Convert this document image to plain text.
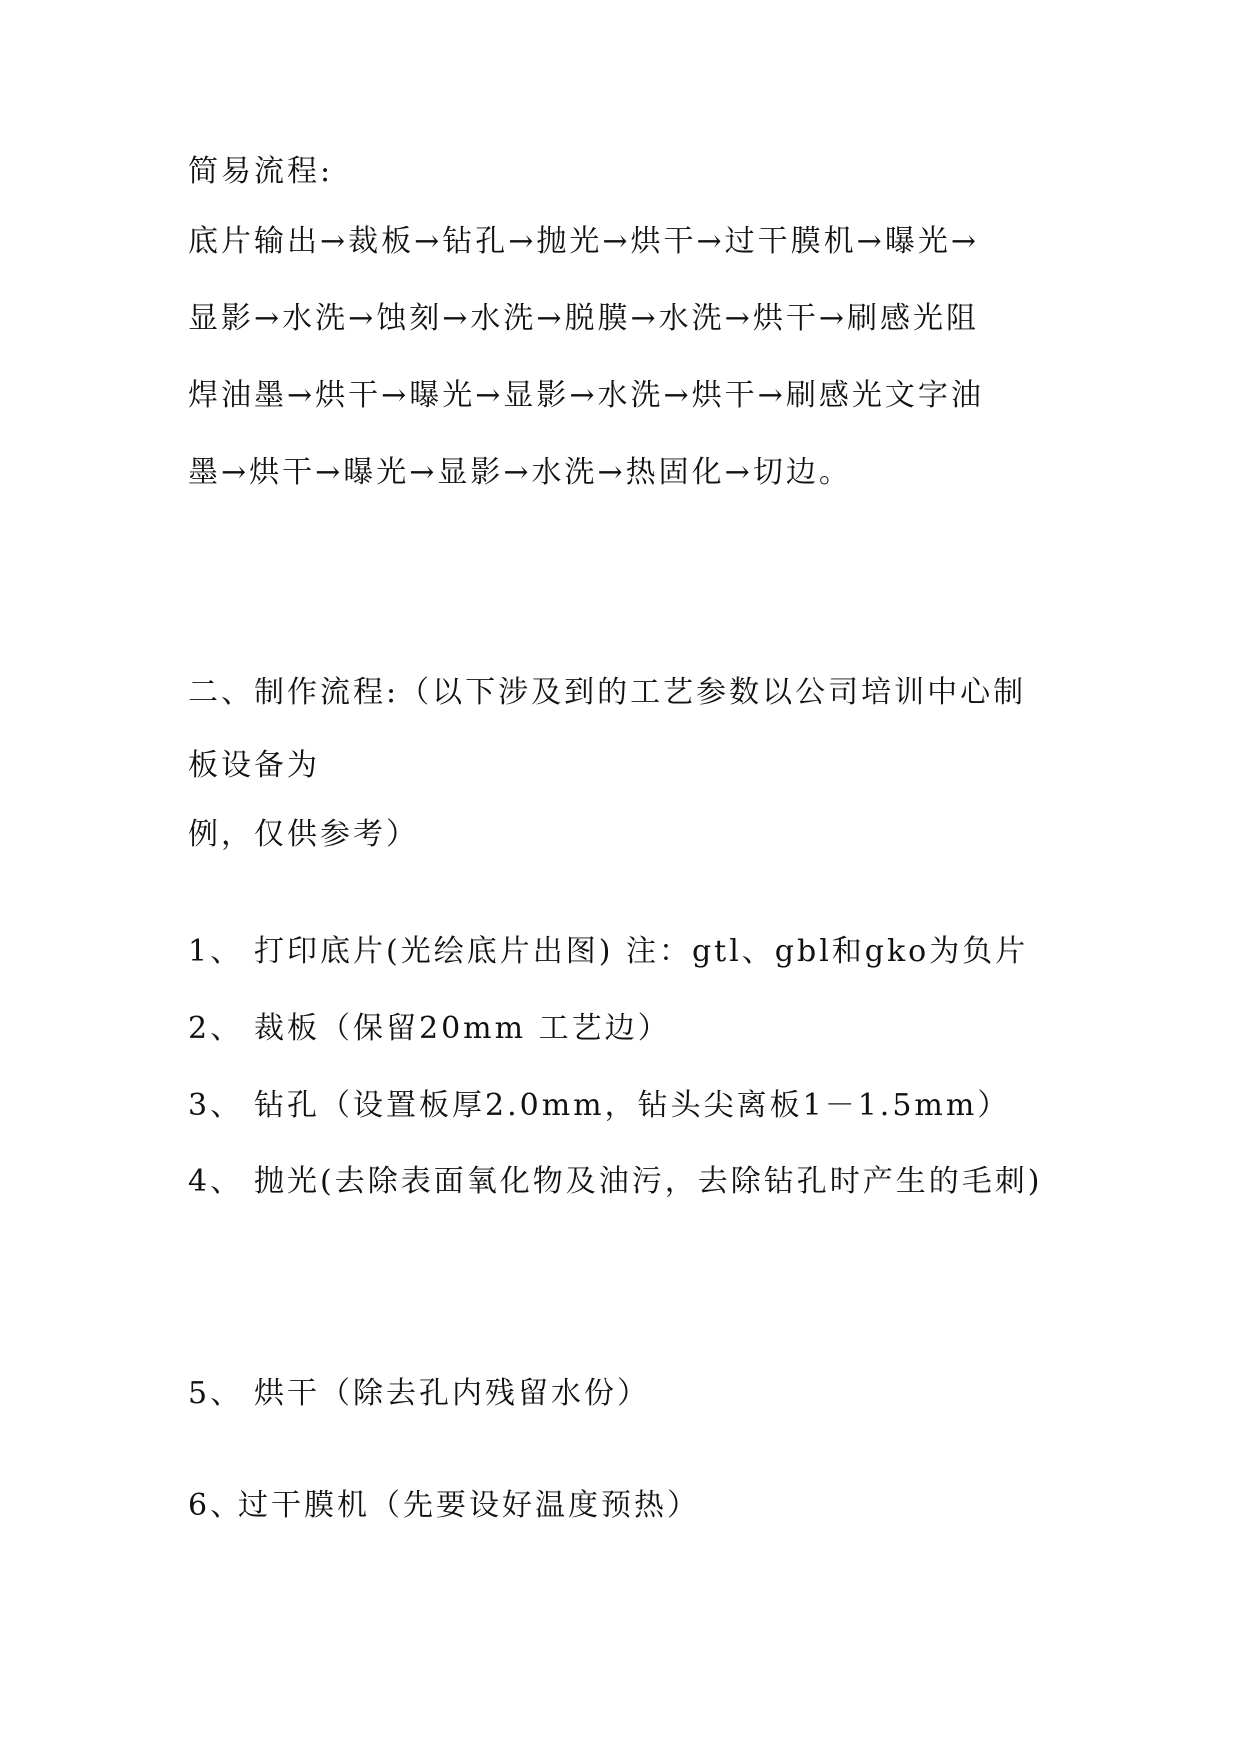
简易流程:
底片输出→裁板→钻孔→抛光→烘干→过干膜机→曝光→
显影→水洗→蚀刻→水洗→脱膜→水洗→烘干→刷感光阻
焊油墨→烘干→曝光→显影→水洗→烘干→刷感光文字油
墨→烘干→曝光→显影→水洗→热固化→切边。
二、制作流程:（以下涉及到的工艺参数以公司培训中心制
板设备为
例，仅供参考）
1、 打印底片(光绘底片出图) 注：gtl、gbl和gko为负片
2、 裁板（保留20mm 工艺边）
3、 钻孔（设置板厚2.0mm，钻头尖离板1－1.5mm）
4、 抛光(去除表面氧化物及油污，去除钻孔时产生的毛刺)
5、 烘干（除去孔内残留水份）
6、过干膜机（先要设好温度预热）
